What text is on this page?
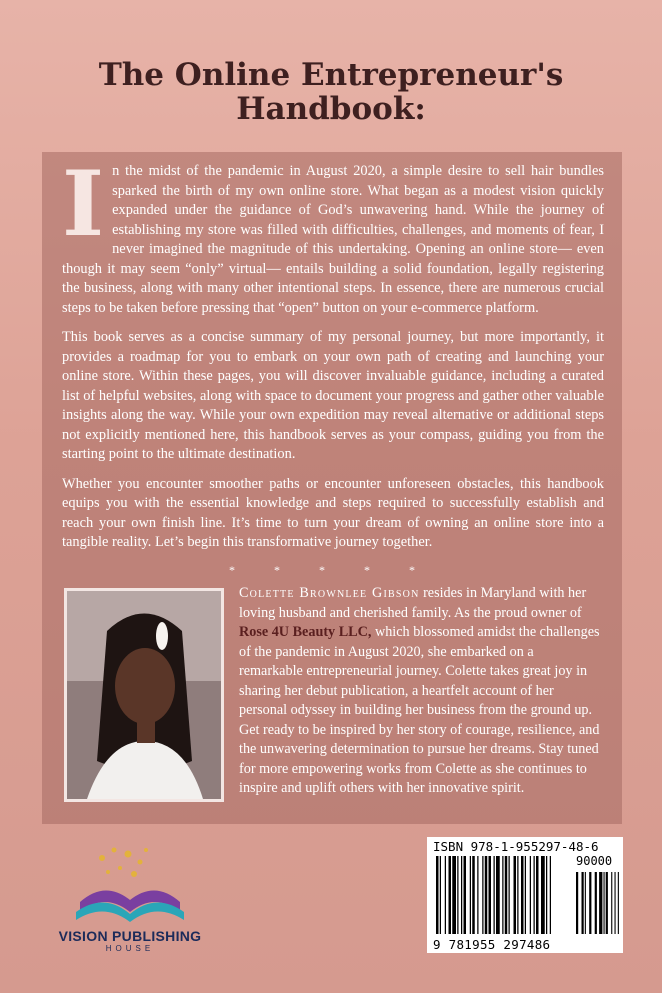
The Online Entrepreneur's
Handbook:

In the midst of the pandemic in August 2020, a simple desire to sell hair bundles sparked the birth of my own online store. What began as a modest vision quickly expanded under the guidance of God’s unwavering hand. While the journey of establishing my store was filled with difficulties, challenges, and moments of fear, I never imagined the magnitude of this undertaking. Opening an online store— even though it may seem “only” virtual— entails building a solid foundation, legally registering the business, along with many other intentional steps. In essence, there are numerous crucial steps to be taken before pressing that “open” button on your e-commerce platform.

This book serves as a concise summary of my personal journey, but more importantly, it provides a roadmap for you to embark on your own path of creating and launching your online store. Within these pages, you will discover invaluable guidance, including a curated list of helpful websites, along with space to document your progress and gather other valuable insights along the way. While your own expedition may reveal alternative or additional steps not explicitly mentioned here, this handbook serves as your compass, guiding you from the starting point to the ultimate destination.

Whether you encounter smoother paths or encounter unforeseen obstacles, this handbook equips you with the essential knowledge and steps required to successfully establish and reach your own finish line. It’s time to turn your dream of owning an online store into a tangible reality. Let’s begin this transformative journey together.

* * * * *
Colette Brownlee Gibson resides in Maryland with her loving husband and cherished family. As the proud owner of Rose 4U Beauty LLC, which blossomed amidst the challenges of the pandemic in August 2020, she embarked on a remarkable entrepreneurial journey. Colette takes great joy in sharing her debut publication, a heartfelt account of her personal odyssey in building her business from the ground up. Get ready to be inspired by her story of courage, resilience, and the unwavering determination to pursue her dreams. Stay tuned for more empowering works from Colette as she continues to inspire and uplift others with her innovative spirit.
VISION PUBLISHING
HOUSE
ISBN 978-1-955297-48-6
90000
9 781955 297486
